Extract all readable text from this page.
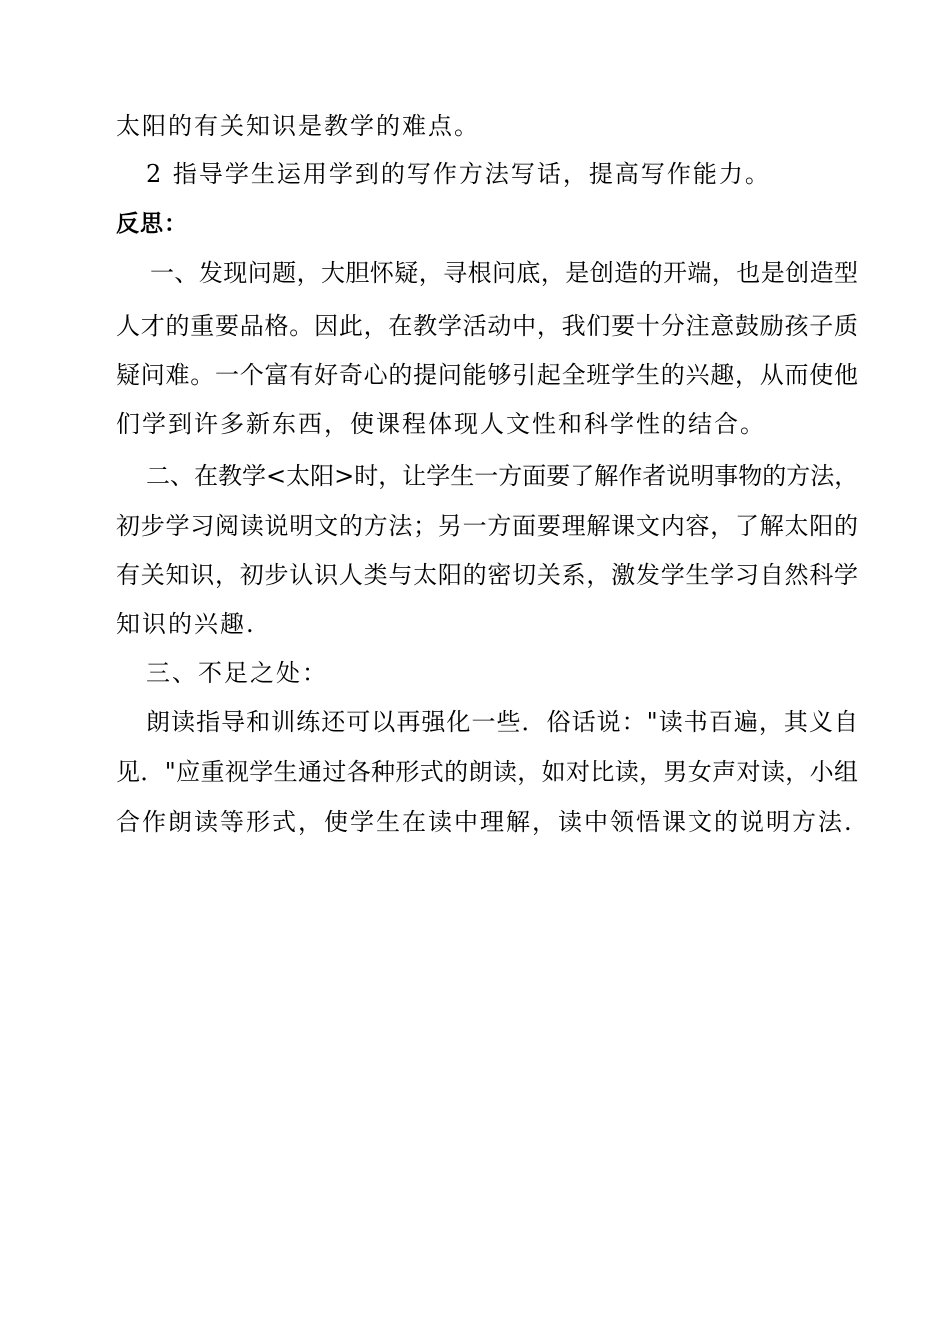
太阳的有关知识是教学的难点。
2 指导学生运用学到的写作方法写话，提高写作能力。
反思：
一、发现问题，大胆怀疑，寻根问底，是创造的开端，也是创造型
人才的重要品格。因此，在教学活动中，我们要十分注意鼓励孩子质
疑问难。一个富有好奇心的提问能够引起全班学生的兴趣，从而使他
们学到许多新东西，使课程体现人文性和科学性的结合。
二、在教学<太阳>时，让学生一方面要了解作者说明事物的方法，
初步学习阅读说明文的方法；另一方面要理解课文内容，了解太阳的
有关知识，初步认识人类与太阳的密切关系，激发学生学习自然科学
知识的兴趣.
三、不足之处：
朗读指导和训练还可以再强化一些．俗话说："读书百遍，其义自
见．"应重视学生通过各种形式的朗读，如对比读，男女声对读，小组
合作朗读等形式，使学生在读中理解，读中领悟课文的说明方法.
